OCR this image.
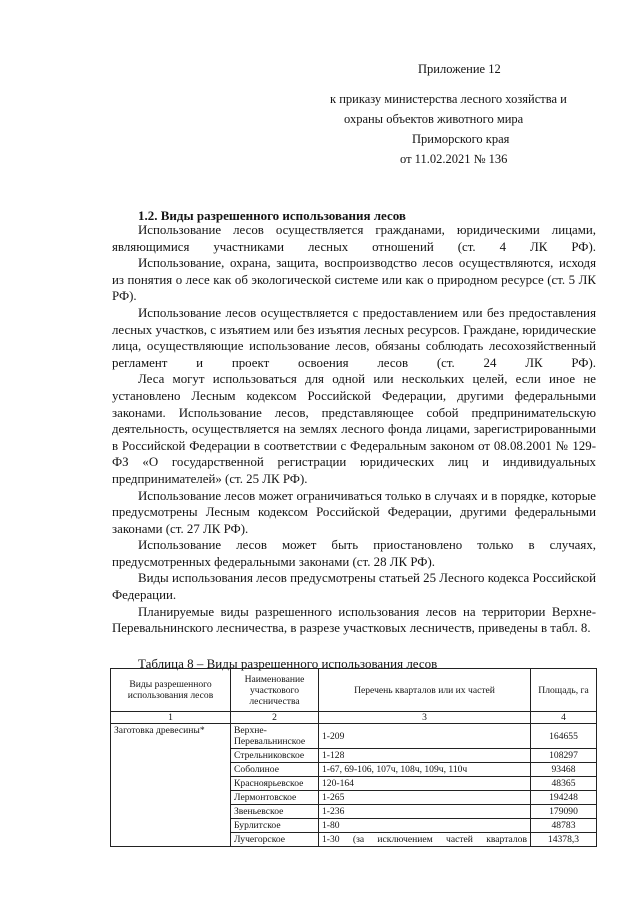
Приложение 12
к приказу министерства лесного хозяйства и
охраны объектов животного мира
Приморского края
от 11.02.2021 № 136
1.2. Виды разрешенного использования лесов

Использование лесов осуществляется гражданами, юридическими лицами, являющимися участниками лесных отношений (ст. 4 ЛК РФ).

Использование, охрана, защита, воспроизводство лесов осуществляются, исходя из понятия о лесе как об экологической системе или как о природном ресурсе (ст. 5 ЛК РФ).

Использование лесов осуществляется с предоставлением или без предоставления лесных участков, с изъятием или без изъятия лесных ресурсов. Граждане, юридические лица, осуществляющие использование лесов, обязаны соблюдать лесохозяйственный регламент и проект освоения лесов (ст. 24 ЛК РФ).

Леса могут использоваться для одной или нескольких целей, если иное не установлено Лесным кодексом Российской Федерации, другими федеральными законами. Использование лесов, представляющее собой предпринимательскую деятельность, осуществляется на землях лесного фонда лицами, зарегистрированными в Российской Федерации в соответствии с Федеральным законом от 08.08.2001 № 129-ФЗ «О государственной регистрации юридических лиц и индивидуальных предпринимателей» (ст. 25 ЛК РФ).

Использование лесов может ограничиваться только в случаях и в порядке, которые предусмотрены Лесным кодексом Российской Федерации, другими федеральными законами (ст. 27 ЛК РФ).

Использование лесов может быть приостановлено только в случаях, предусмотренных федеральными законами (ст. 28 ЛК РФ).

Виды использования лесов предусмотрены статьей 25 Лесного кодекса Российской Федерации.

Планируемые виды разрешенного использования лесов на территории Верхне-Перевальнинского лесничества, в разрезе участковых лесничеств, приведены в табл. 8.

Таблица 8 – Виды разрешенного использования лесов
Виды разрешенного использования лесов	Наименование участкового лесничества	Перечень кварталов или их частей	Площадь, га
1	2	3	4
Заготовка древесины*	Верхне-Перевальнинское	1-209	164655
	Стрельниковское	1-128	108297
	Соболиное	1-67, 69-106, 107ч, 108ч, 109ч, 110ч	93468
	Красноярьевское	120-164	48365
	Лермонтовское	1-265	194248
	Звеньевское	1-236	179090
	Бурлитское	1-80	48783
	Лучегорское	1-30 (за исключением частей кварталов	14378,3
